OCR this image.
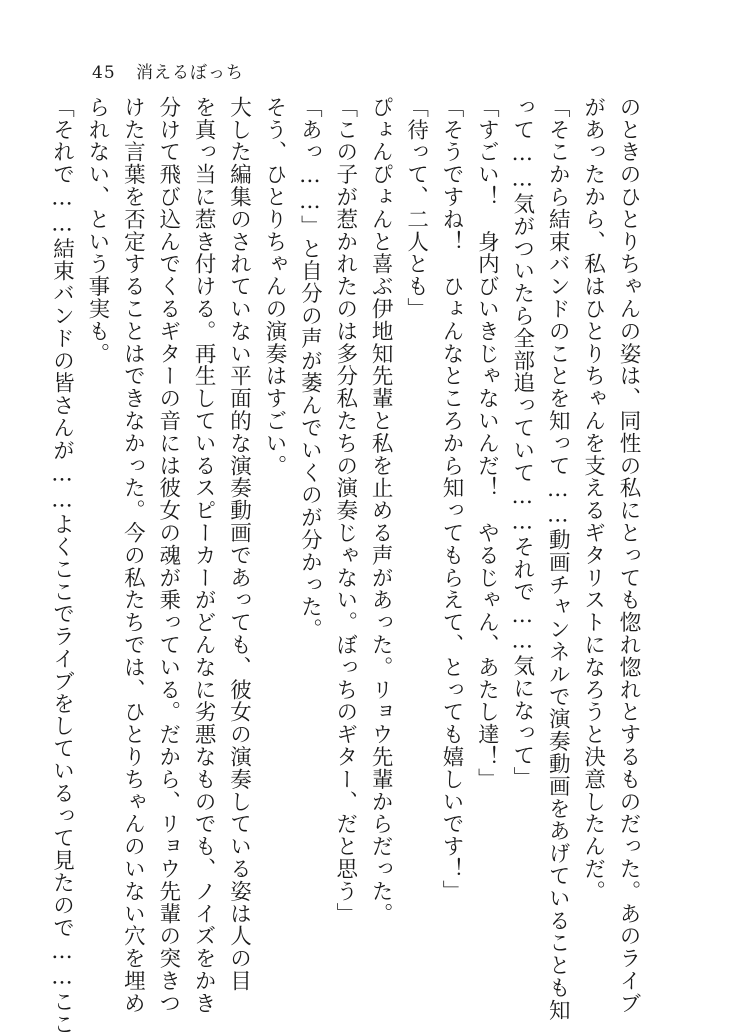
45 消えるぼっち
のときのひとりちゃんの姿は、同性の私にとっても惚れ惚れとするものだった。あのライブ
があったから、私はひとりちゃんを支えるギタリストになろうと決意したんだ。
「そこから結束バンドのことを知って……動画チャンネルで演奏動画をあげていることも知
って……気がついたら全部追っていて……それで……気になって」
「すごい！　身内びいきじゃないんだ！　やるじゃん、あたし達！」
「そうですね！　ひょんなところから知ってもらえて、とっても嬉しいです！」
「待って、二人とも」
ぴょんぴょんと喜ぶ伊地知先輩と私を止める声があった。リョウ先輩からだった。
「この子が惹かれたのは多分私たちの演奏じゃない。ぼっちのギター、だと思う」
「あっ……」と自分の声が萎んでいくのが分かった。
そう、ひとりちゃんの演奏はすごい。
大した編集のされていない平面的な演奏動画であっても、彼女の演奏している姿は人の目
を真っ当に惹き付ける。再生しているスピーカーがどんなに劣悪なものでも、ノイズをかき
分けて飛び込んでくるギターの音には彼女の魂が乗っている。だから、リョウ先輩の突きつ
けた言葉を否定することはできなかった。今の私たちでは、ひとりちゃんのいない穴を埋め
られない、という事実も。
「それで……結束バンドの皆さんが……よくここでライブをしているって見たので……ここ
